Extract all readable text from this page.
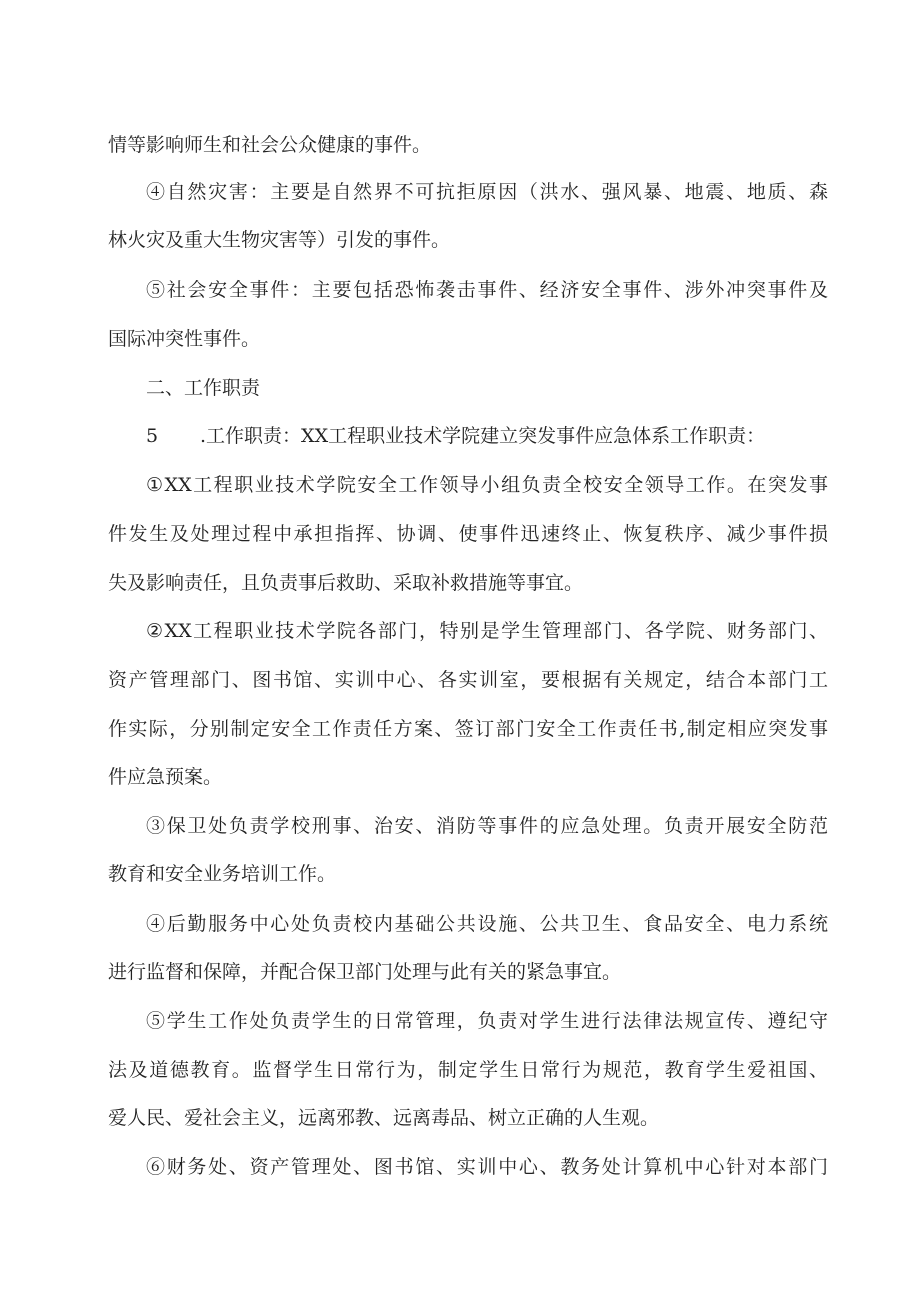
情等影响师生和社会公众健康的事件。
④自然灾害：主要是自然界不可抗拒原因（洪水、强风暴、地震、地质、森
林火灾及重大生物灾害等）引发的事件。
⑤社会安全事件：主要包括恐怖袭击事件、经济安全事件、涉外冲突事件及
国际冲突性事件。
二、工作职责
5 .工作职责：XX工程职业技术学院建立突发事件应急体系工作职责：
①XX工程职业技术学院安全工作领导小组负责全校安全领导工作。在突发事
件发生及处理过程中承担指挥、协调、使事件迅速终止、恢复秩序、减少事件损
失及影响责任，且负责事后救助、采取补救措施等事宜。
②XX工程职业技术学院各部门，特别是学生管理部门、各学院、财务部门、
资产管理部门、图书馆、实训中心、各实训室，要根据有关规定，结合本部门工
作实际，分别制定安全工作责任方案、签订部门安全工作责任书,制定相应突发事
件应急预案。
③保卫处负责学校刑事、治安、消防等事件的应急处理。负责开展安全防范
教育和安全业务培训工作。
④后勤服务中心处负责校内基础公共设施、公共卫生、食品安全、电力系统
进行监督和保障，并配合保卫部门处理与此有关的紧急事宜。
⑤学生工作处负责学生的日常管理，负责对学生进行法律法规宣传、遵纪守
法及道德教育。监督学生日常行为，制定学生日常行为规范，教育学生爱祖国、
爱人民、爱社会主义，远离邪教、远离毒品、树立正确的人生观。
⑥财务处、资产管理处、图书馆、实训中心、教务处计算机中心针对本部门
